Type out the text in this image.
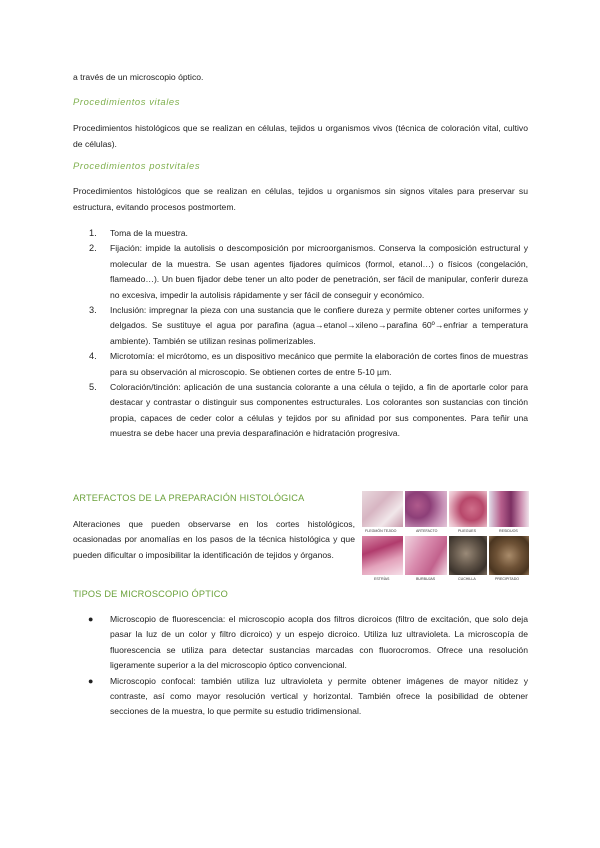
a través de un microscopio óptico.
Procedimientos vitales
Procedimientos histológicos que se realizan en células, tejidos u organismos vivos (técnica de coloración vital, cultivo de células).
Procedimientos postvitales
Procedimientos histológicos que se realizan en células, tejidos u organismos sin signos vitales para preservar su estructura, evitando procesos postmortem.
1. Toma de la muestra.
2. Fijación: impide la autolisis o descomposición por microorganismos. Conserva la composición estructural y molecular de la muestra. Se usan agentes fijadores químicos (formol, etanol…) o físicos (congelación, flameado…). Un buen fijador debe tener un alto poder de penetración, ser fácil de manipular, conferir dureza no excesiva, impedir la autolisis rápidamente y ser fácil de conseguir y económico.
3. Inclusión: impregnar la pieza con una sustancia que le confiere dureza y permite obtener cortes uniformes y delgados. Se sustituye el agua por parafina (agua→etanol→xileno→parafina 60º→enfriar a temperatura ambiente). También se utilizan resinas polimerizables.
4. Microtomía: el micrótomo, es un dispositivo mecánico que permite la elaboración de cortes finos de muestras para su observación al microscopio. Se obtienen cortes de entre 5-10 µm.
5. Coloración/tinción: aplicación de una sustancia colorante a una célula o tejido, a fin de aportarle color para destacar y contrastar o distinguir sus componentes estructurales. Los colorantes son sustancias con tinción propia, capaces de ceder color a células y tejidos por su afinidad por sus componentes. Para teñir una muestra se debe hacer una previa desparafinación e hidratación progresiva.
ARTEFACTOS DE LA PREPARACIÓN HISTOLÓGICA
Alteraciones que pueden observarse en los cortes histológicos, ocasionadas por anomalías en los pasos de la técnica histológica y que pueden dificultar o imposibilitar la identificación de tejidos y órganos.
FLEGMÓN TEJIDO	ARTEFACTO	PLIEGUES	RESIDUOS
ESTRÍAS	BURBUJAS	CUCHILLA	PRECIPITADO
TIPOS DE MICROSCOPIO ÓPTICO
● Microscopio de fluorescencia: el microscopio acopla dos filtros dicroicos (filtro de excitación, que solo deja pasar la luz de un color y filtro dicroico) y un espejo dicroico. Utiliza luz ultravioleta. La microscopía de fluorescencia se utiliza para detectar sustancias marcadas con fluorocromos. Ofrece una resolución ligeramente superior a la del microscopio óptico convencional.
● Microscopio confocal: también utiliza luz ultravioleta y permite obtener imágenes de mayor nitidez y contraste, así como mayor resolución vertical y horizontal. También ofrece la posibilidad de obtener secciones de la muestra, lo que permite su estudio tridimensional.
